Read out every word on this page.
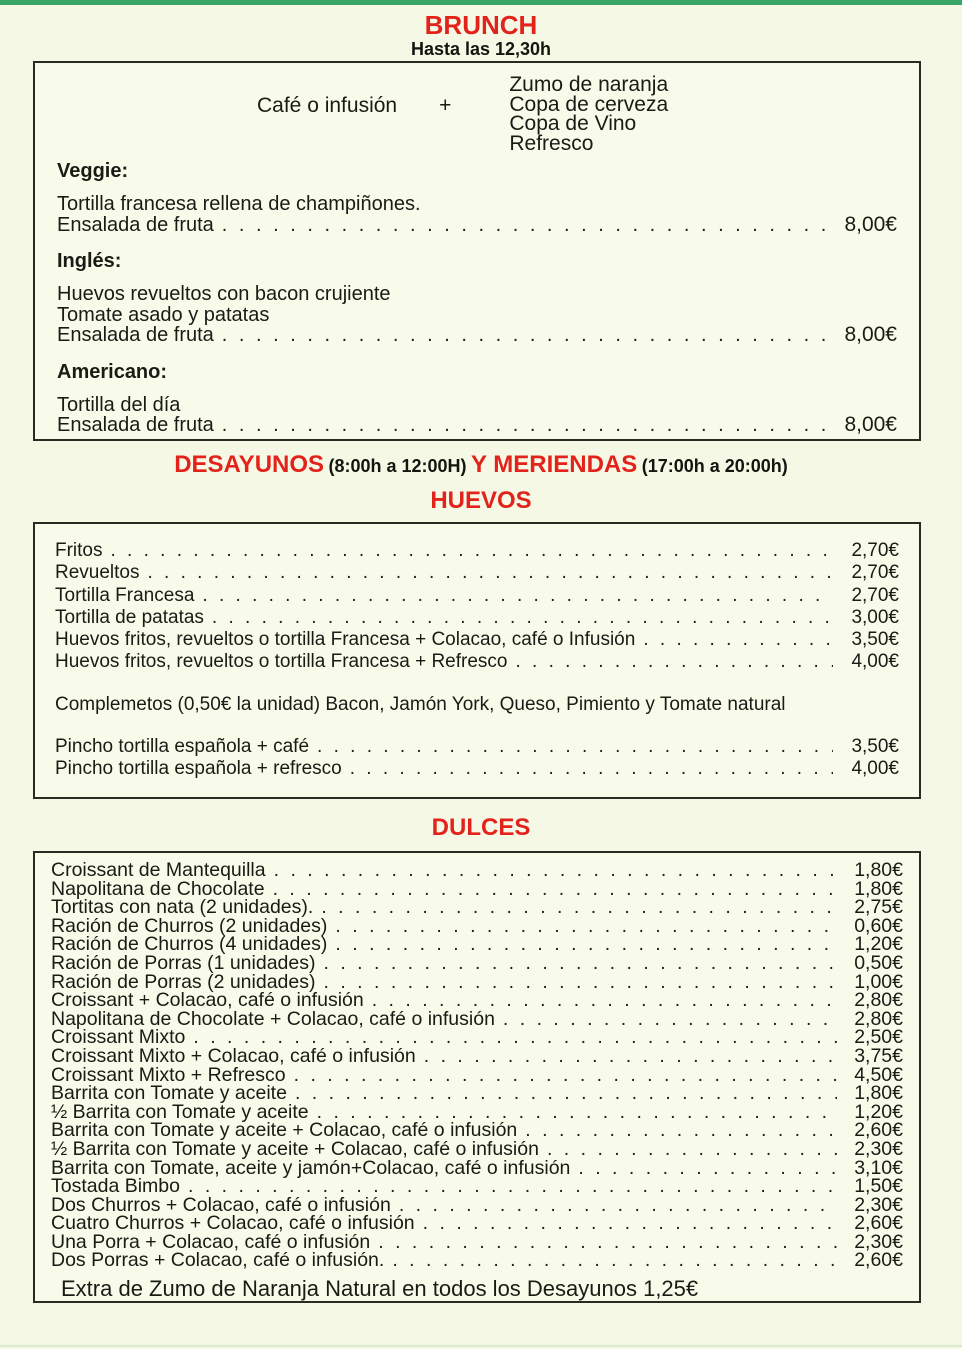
BRUNCH
Hasta las 12,30h
Café o infusión +
Zumo de naranja
Copa de cerveza
Copa de Vino
Refresco
Veggie:
Tortilla francesa rellena de champiñones.
Ensalada de fruta . . .	8,00€
Inglés:
Huevos revueltos con bacon crujiente
Tomate asado y patatas
Ensalada de fruta . . .	8,00€
Americano:
Tortilla del día
Ensalada de fruta . . .	8,00€
DESAYUNOS (8:00h a 12:00H) Y MERIENDAS (17:00h a 20:00h)
HUEVOS
Fritos . . .	2,70€
Revueltos . . .	2,70€
Tortilla Francesa . . .	2,70€
Tortilla de patatas . . .	3,00€
Huevos fritos, revueltos o tortilla Francesa + Colacao, café o Infusión . . .	3,50€
Huevos fritos, revueltos o tortilla Francesa + Refresco . . .	4,00€
Complemetos (0,50€ la unidad) Bacon, Jamón York, Queso, Pimiento y Tomate natural
Pincho tortilla española + café . . .	3,50€
Pincho tortilla española + refresco . . .	4,00€
DULCES
Croissant de Mantequilla . . .	1,80€
Napolitana de Chocolate . . .	1,80€
Tortitas con nata (2 unidades). . . .	2,75€
Ración de Churros (2 unidades) . . .	0,60€
Ración de Churros (4 unidades) . . .	1,20€
Ración de Porras (1 unidades) . . .	0,50€
Ración de Porras (2 unidades) . . .	1,00€
Croissant + Colacao, café o infusión . . .	2,80€
Napolitana de Chocolate + Colacao, café o infusión . . .	2,80€
Croissant Mixto . . .	2,50€
Croissant Mixto + Colacao, café o infusión . . .	3,75€
Croissant Mixto + Refresco . . .	4,50€
Barrita con Tomate y aceite . . .	1,80€
½ Barrita con Tomate y aceite . . .	1,20€
Barrita con Tomate y aceite + Colacao, café o infusión . . .	2,60€
½ Barrita con Tomate y aceite + Colacao, café o infusión . . .	2,30€
Barrita con Tomate, aceite y jamón+Colacao, café o infusión . . .	3,10€
Tostada Bimbo . . .	1,50€
Dos Churros + Colacao, café o infusión . . .	2,30€
Cuatro Churros + Colacao, café o infusión . . .	2,60€
Una Porra + Colacao, café o infusión . . .	2,30€
Dos Porras + Colacao, café o infusión. . . .	2,60€
Extra de Zumo de Naranja Natural en todos los Desayunos 1,25€
